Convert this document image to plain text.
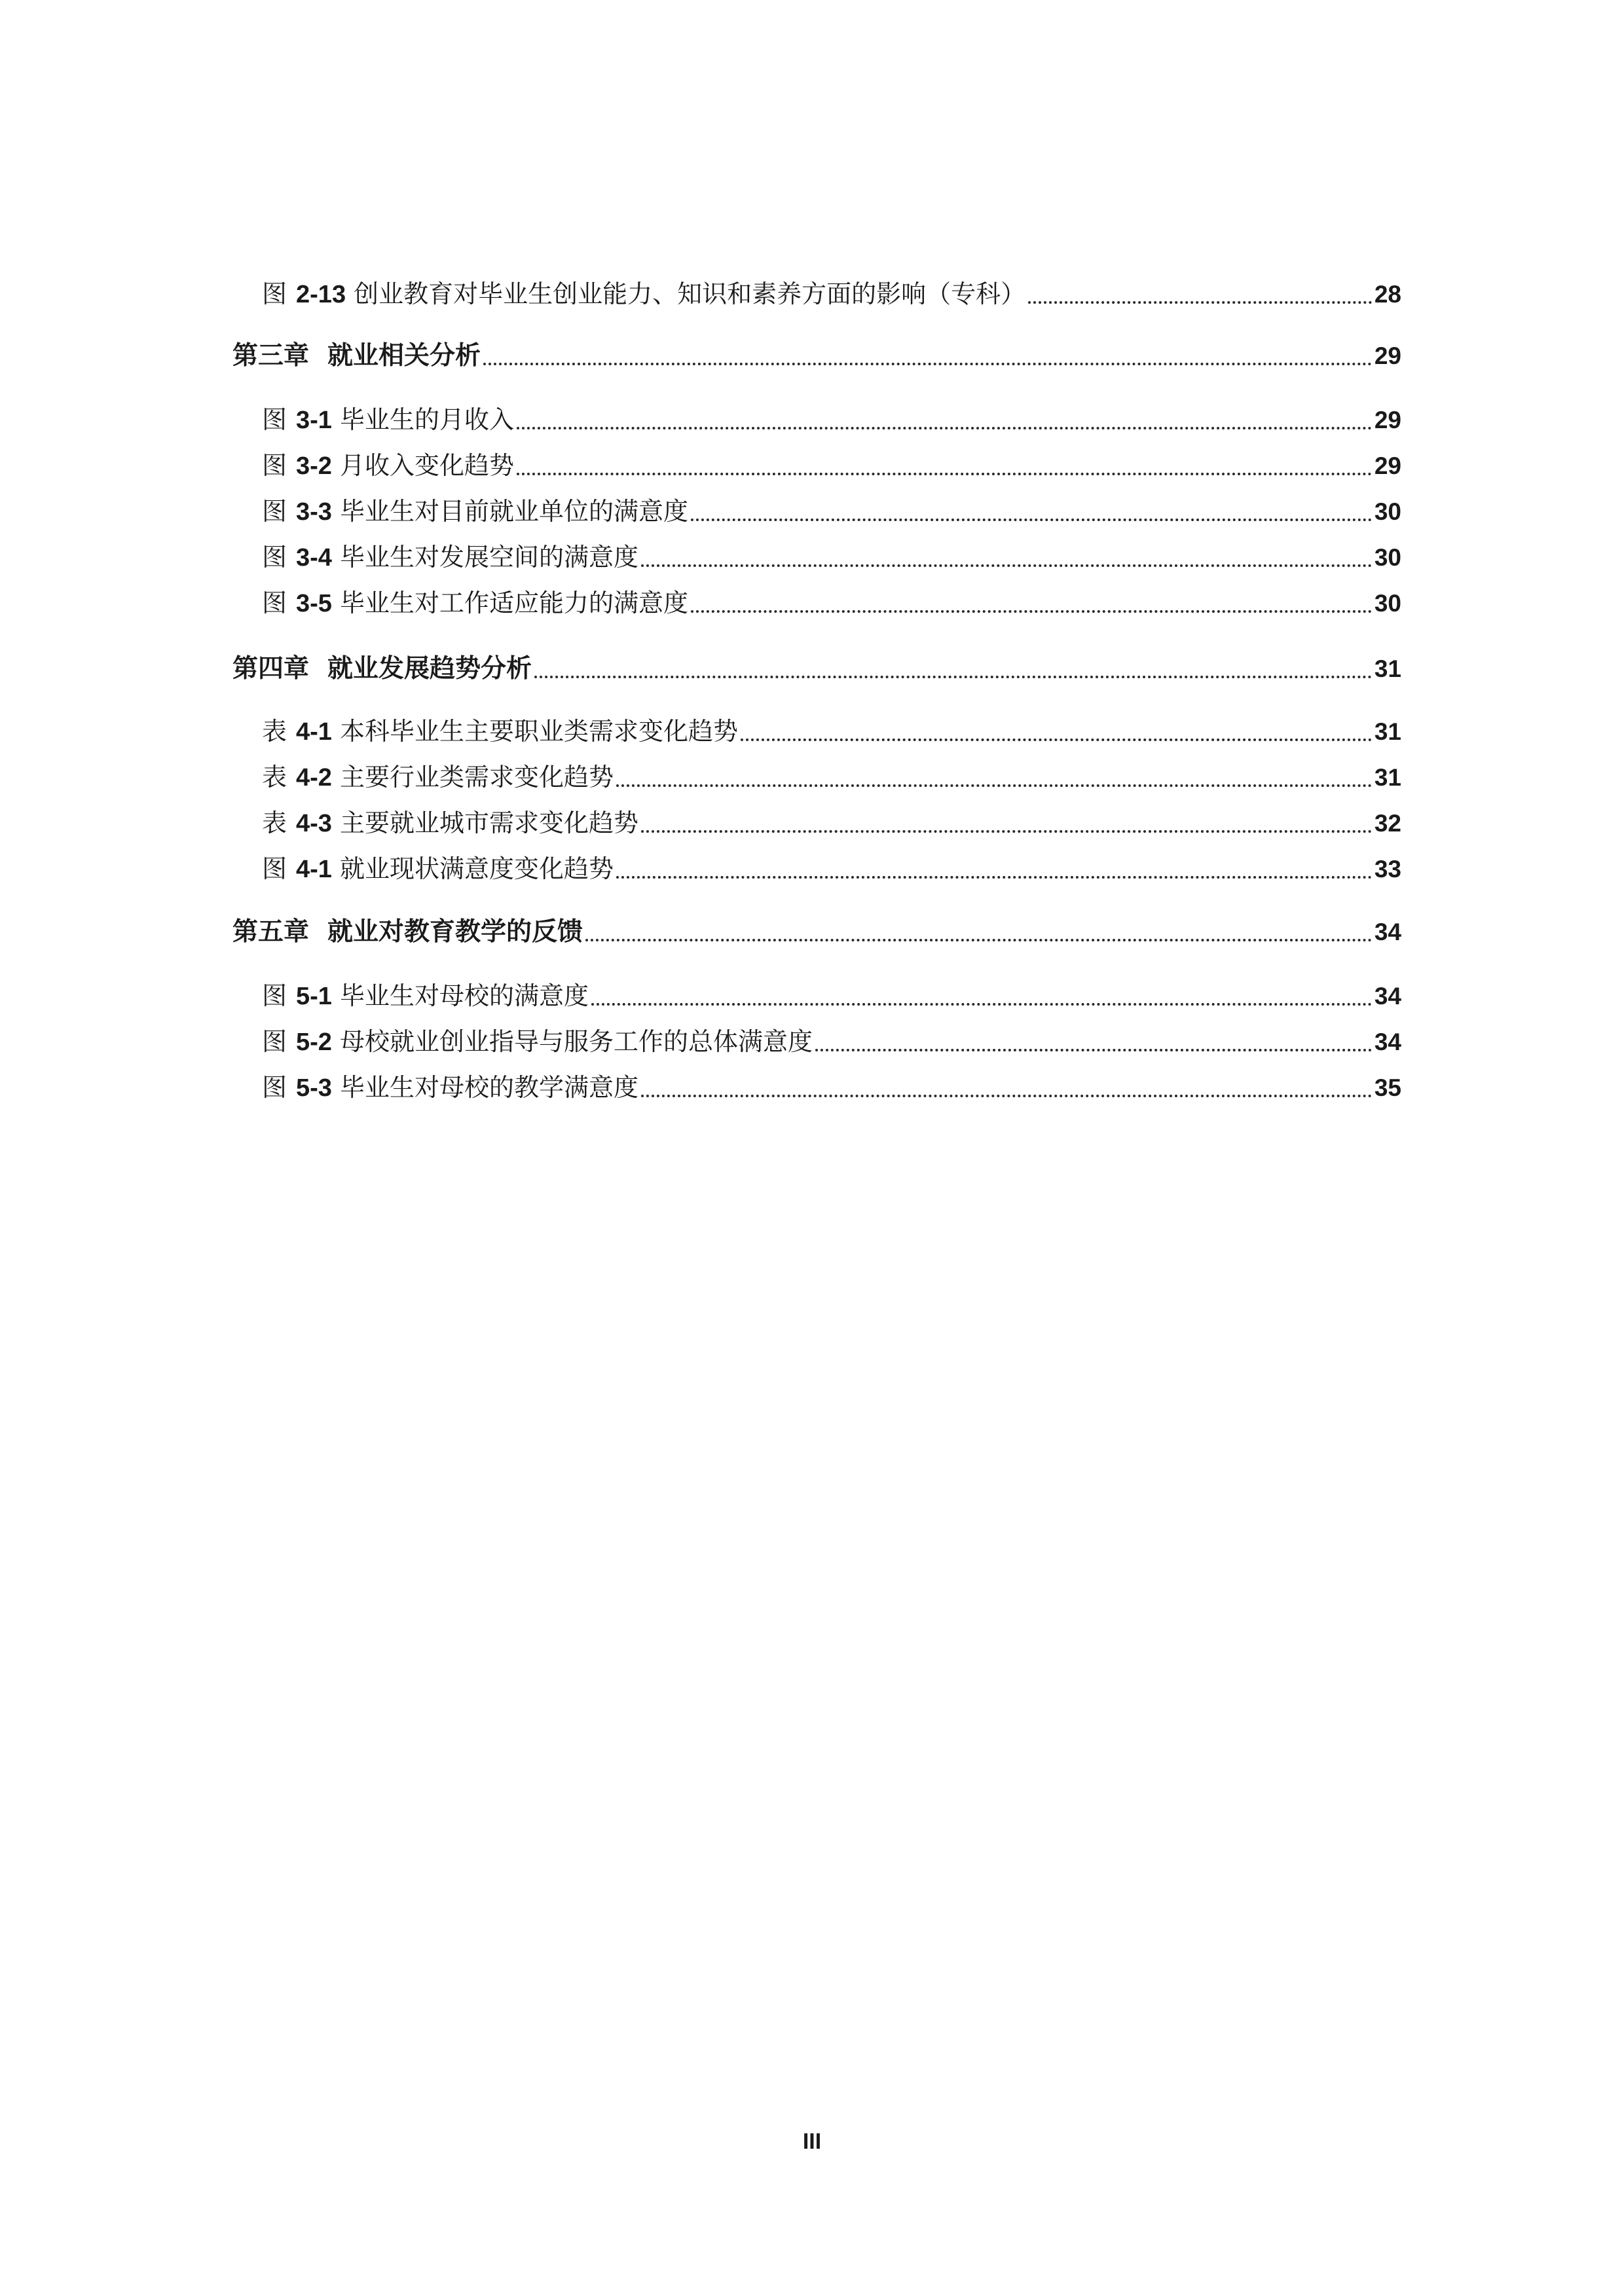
图 2-13 创业教育对毕业生创业能力、知识和素养方面的影响（专科）	28
第三章 就业相关分析	29
图 3-1 毕业生的月收入	29
图 3-2 月收入变化趋势	29
图 3-3 毕业生对目前就业单位的满意度	30
图 3-4 毕业生对发展空间的满意度	30
图 3-5 毕业生对工作适应能力的满意度	30
第四章 就业发展趋势分析	31
表 4-1 本科毕业生主要职业类需求变化趋势	31
表 4-2 主要行业类需求变化趋势	31
表 4-3 主要就业城市需求变化趋势	32
图 4-1 就业现状满意度变化趋势	33
第五章 就业对教育教学的反馈	34
图 5-1 毕业生对母校的满意度	34
图 5-2 母校就业创业指导与服务工作的总体满意度	34
图 5-3 毕业生对母校的教学满意度	35
III
